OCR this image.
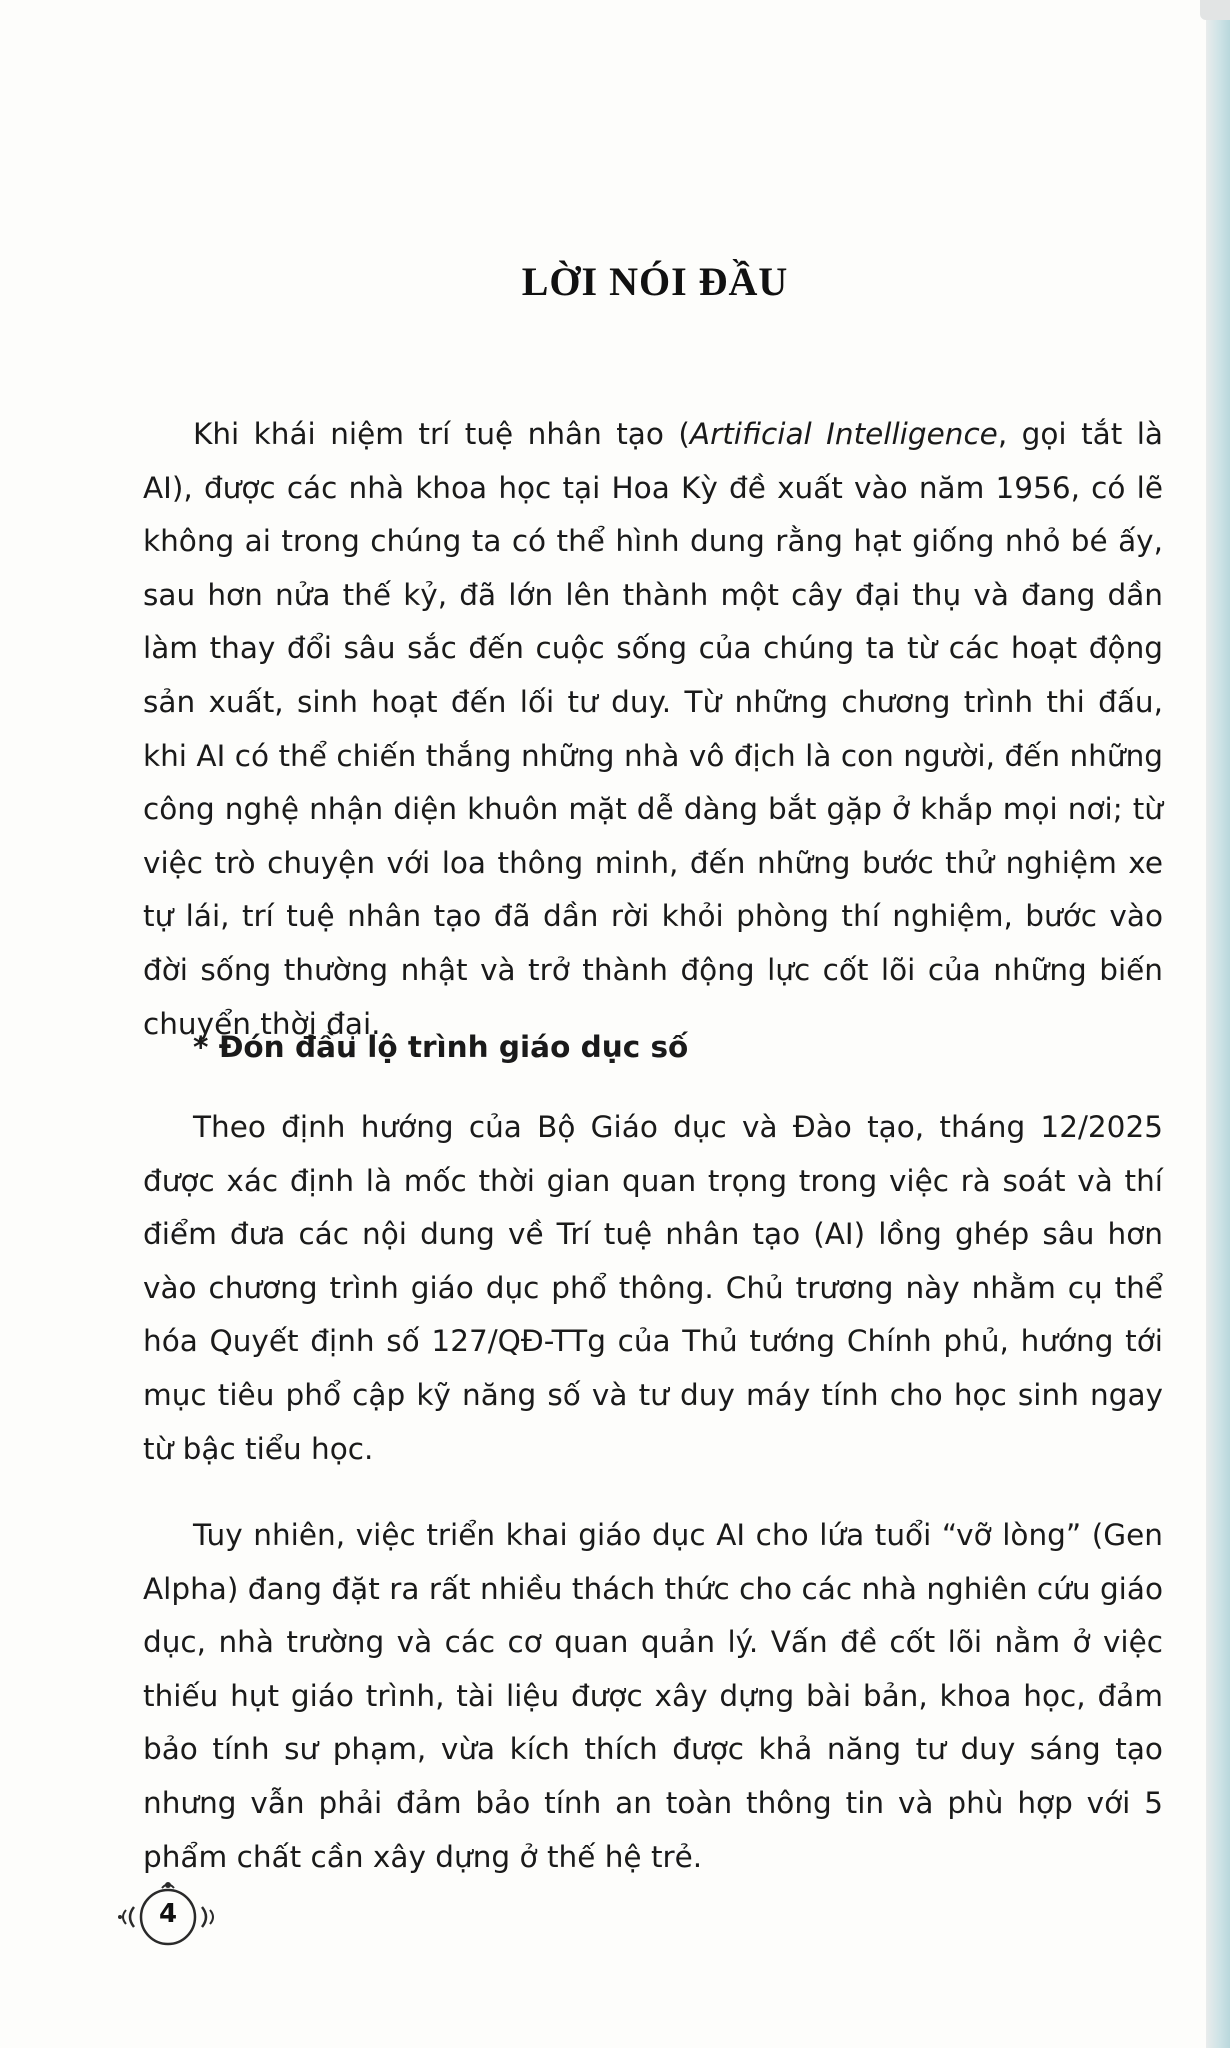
LỜI NÓI ĐẦU
Khi khái niệm trí tuệ nhân tạo (Artificial Intelligence, gọi tắt là AI), được các nhà khoa học tại Hoa Kỳ đề xuất vào năm 1956, có lẽ không ai trong chúng ta có thể hình dung rằng hạt giống nhỏ bé ấy, sau hơn nửa thế kỷ, đã lớn lên thành một cây đại thụ và đang dần làm thay đổi sâu sắc đến cuộc sống của chúng ta từ các hoạt động sản xuất, sinh hoạt đến lối tư duy. Từ những chương trình thi đấu, khi AI có thể chiến thắng những nhà vô địch là con người, đến những công nghệ nhận diện khuôn mặt dễ dàng bắt gặp ở khắp mọi nơi; từ việc trò chuyện với loa thông minh, đến những bước thử nghiệm xe tự lái, trí tuệ nhân tạo đã dần rời khỏi phòng thí nghiệm, bước vào đời sống thường nhật và trở thành động lực cốt lõi của những biến chuyển thời đại.
* Đón đầu lộ trình giáo dục số
Theo định hướng của Bộ Giáo dục và Đào tạo, tháng 12/2025 được xác định là mốc thời gian quan trọng trong việc rà soát và thí điểm đưa các nội dung về Trí tuệ nhân tạo (AI) lồng ghép sâu hơn vào chương trình giáo dục phổ thông. Chủ trương này nhằm cụ thể hóa Quyết định số 127/QĐ-TTg của Thủ tướng Chính phủ, hướng tới mục tiêu phổ cập kỹ năng số và tư duy máy tính cho học sinh ngay từ bậc tiểu học.
Tuy nhiên, việc triển khai giáo dục AI cho lứa tuổi “vỡ lòng” (Gen Alpha) đang đặt ra rất nhiều thách thức cho các nhà nghiên cứu giáo dục, nhà trường và các cơ quan quản lý. Vấn đề cốt lõi nằm ở việc thiếu hụt giáo trình, tài liệu được xây dựng bài bản, khoa học, đảm bảo tính sư phạm, vừa kích thích được khả năng tư duy sáng tạo nhưng vẫn phải đảm bảo tính an toàn thông tin và phù hợp với 5 phẩm chất cần xây dựng ở thế hệ trẻ.
4
